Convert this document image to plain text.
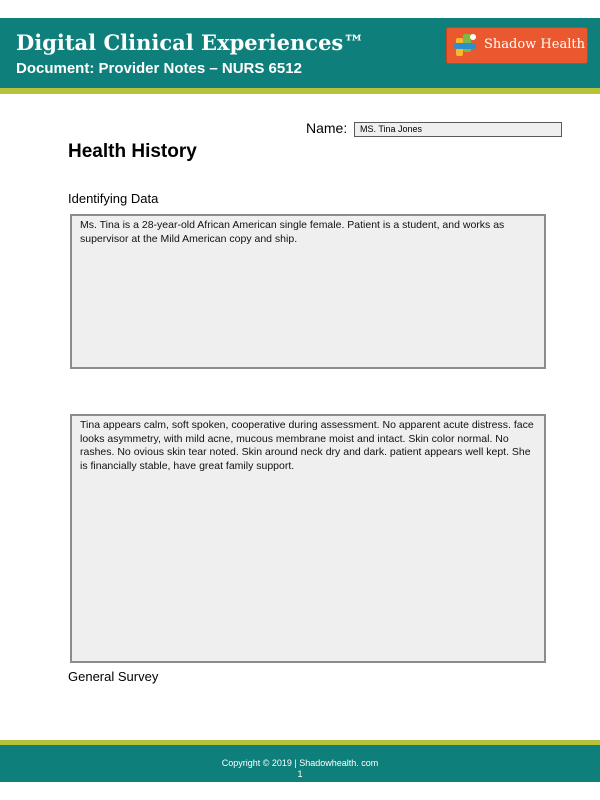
Digital Clinical Experiences™
Document: Provider Notes – NURS 6512
Shadow Health
Name:	MS. Tina Jones
Health History
Identifying Data
Ms. Tina is a 28-year-old African American single female. Patient is a student, and works as supervisor at the Mild American copy and ship.
Tina appears calm, soft spoken, cooperative during assessment. No apparent acute distress. face looks asymmetry, with mild acne, mucous membrane moist and intact. Skin color normal. No rashes. No ovious skin tear noted. Skin around neck dry and dark. patient appears well kept. She is financially stable, have great family support.
General Survey
Copyright © 2019 | Shadowhealth. com
1
